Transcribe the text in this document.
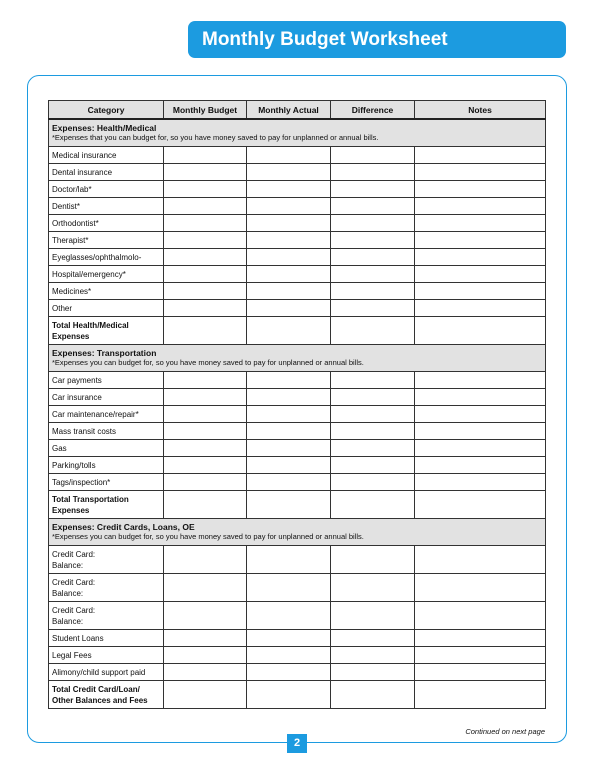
Monthly Budget Worksheet
Category	Monthly Budget	Monthly Actual	Difference	Notes

Expenses: Health/Medical
*Expenses that you can budget for, so you have money saved to pay for unplanned or annual bills.				

Medical insurance				
Dental insurance				
Doctor/lab*				
Dentist*				
Orthodontist*				
Therapist*				
Eyeglasses/ophthalmolo-				
Hospital/emergency*				
Medicines*				
Other				
Total Health/Medical Expenses				

Expenses: Transportation
*Expenses you can budget for, so you have money saved to pay for unplanned or annual bills.				

Car payments				
Car insurance				
Car maintenance/repair*				
Mass transit costs				
Gas				
Parking/tolls				
Tags/inspection*				
Total Transportation Expenses				

Expenses: Credit Cards, Loans, OE
*Expenses you can budget for, so you have money saved to pay for unplanned or annual bills.				

Credit Card:
Balance:				
Credit Card:
Balance:				
Credit Card:
Balance:				
Student Loans				
Legal Fees				
Alimony/child support paid				
Total Credit Card/Loan/ Other Balances and Fees				
Continued on next page
2
